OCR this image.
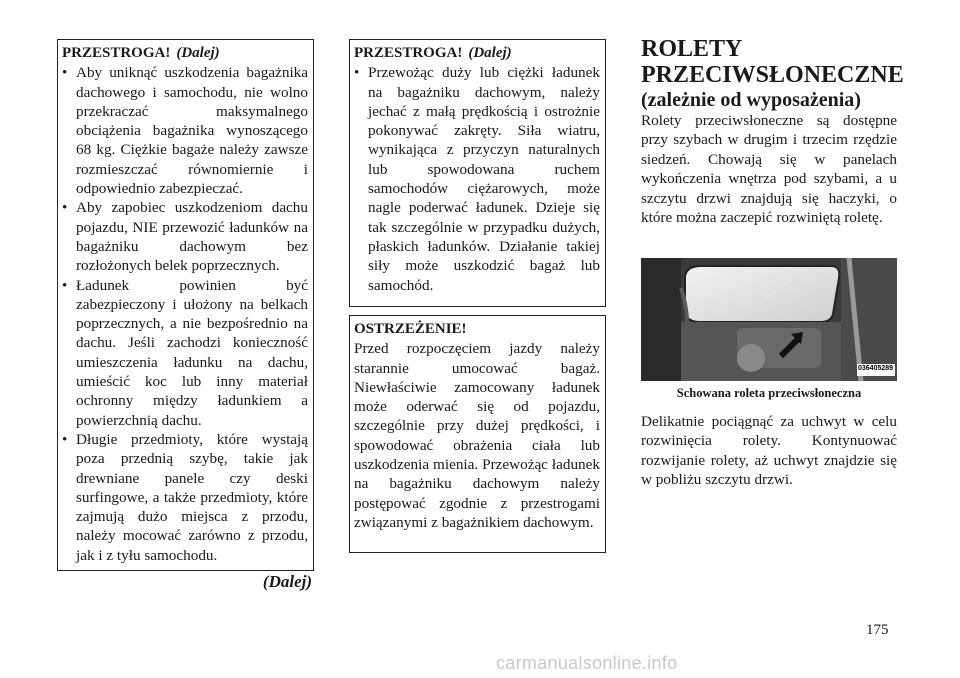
PRZESTROGA! (Dalej)
• Aby uniknąć uszkodzenia bagażnika dachowego i samochodu, nie wolno przekraczać maksymalnego obciążenia bagażnika wynoszącego 68 kg. Ciężkie bagaże należy zawsze rozmieszczać równomiernie i odpowiednio zabezpieczać.
• Aby zapobiec uszkodzeniom dachu pojazdu, NIE przewozić ładunków na bagażniku dachowym bez rozłożonych belek poprzecznych.
• Ładunek powinien być zabezpieczony i ułożony na belkach poprzecznych, a nie bezpośrednio na dachu. Jeśli zachodzi konieczność umieszczenia ładunku na dachu, umieścić koc lub inny materiał ochronny między ładunkiem a powierzchnią dachu.
• Długie przedmioty, które wystają poza przednią szybę, takie jak drewniane panele czy deski surfingowe, a także przedmioty, które zajmują dużo miejsca z przodu, należy mocować zarówno z przodu, jak i z tyłu samochodu.
(Dalej)
PRZESTROGA! (Dalej)
• Przewożąc duży lub ciężki ładunek na bagażniku dachowym, należy jechać z małą prędkością i ostrożnie pokonywać zakręty. Siła wiatru, wynikająca z przyczyn naturalnych lub spowodowana ruchem samochodów ciężarowych, może nagle poderwać ładunek. Dzieje się tak szczególnie w przypadku dużych, płaskich ładunków. Działanie takiej siły może uszkodzić bagaż lub samochód.
OSTRZEŻENIE!
Przed rozpoczęciem jazdy należy starannie umocować bagaż. Niewłaściwie zamocowany ładunek może oderwać się od pojazdu, szczególnie przy dużej prędkości, i spowodować obrażenia ciała lub uszkodzenia mienia. Przewożąc ładunek na bagażniku dachowym należy postępować zgodnie z przestrogami związanymi z bagażnikiem dachowym.
ROLETY
PRZECIWSŁONECZNE
(zależnie od wyposażenia)
Rolety przeciwsłoneczne są dostępne przy szybach w drugim i trzecim rzędzie siedzeń. Chowają się w panelach wykończenia wnętrza pod szybami, a u szczytu drzwi znajdują się haczyki, o które można zaczepić rozwiniętą roletę.
036405289
Schowana roleta przeciwsłoneczna
Delikatnie pociągnąć za uchwyt w celu rozwinięcia rolety. Kontynuować rozwijanie rolety, aż uchwyt znajdzie się w pobliżu szczytu drzwi.
175
carmanualsonline.info
